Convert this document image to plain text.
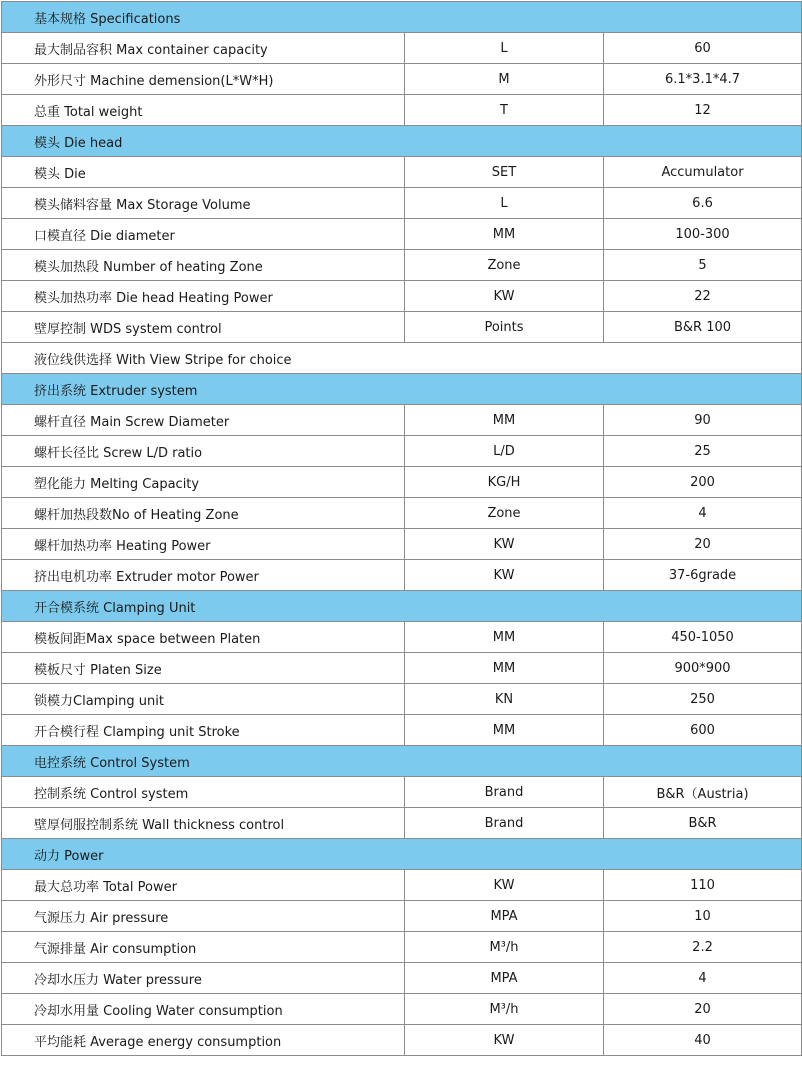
基本规格 Specifications		
最大制品容积 Max container capacity	L	60
外形尺寸 Machine demension(L*W*H)	M	6.1*3.1*4.7
总重 Total weight	T	12
模头 Die head		
模头 Die	SET	Accumulator
模头储料容量 Max Storage Volume	L	6.6
口模直径 Die diameter	MM	100-300
模头加热段 Number of heating Zone	Zone	5
模头加热功率 Die head Heating Power	KW	22
壁厚控制 WDS system control	Points	B&R 100
液位线供选择 With View Stripe for choice		
挤出系统 Extruder system		
螺杆直径 Main Screw Diameter	MM	90
螺杆长径比 Screw L/D ratio	L/D	25
塑化能力 Melting Capacity	KG/H	200
螺杆加热段数No of Heating Zone	Zone	4
螺杆加热功率 Heating Power	KW	20
挤出电机功率 Extruder motor Power	KW	37-6grade
开合模系统 Clamping Unit		
模板间距Max space between Platen	MM	450-1050
模板尺寸 Platen Size	MM	900*900
锁模力Clamping unit	KN	250
开合模行程 Clamping unit Stroke	MM	600
电控系统 Control System		
控制系统 Control system	Brand	B&R（Austria)
壁厚伺服控制系统 Wall thickness control	Brand	B&R
动力 Power		
最大总功率 Total Power	KW	110
气源压力 Air pressure	MPA	10
气源排量 Air consumption	M³/h	2.2
冷却水压力 Water pressure	MPA	4
冷却水用量 Cooling Water consumption	M³/h	20
平均能耗 Average energy consumption	KW	40
